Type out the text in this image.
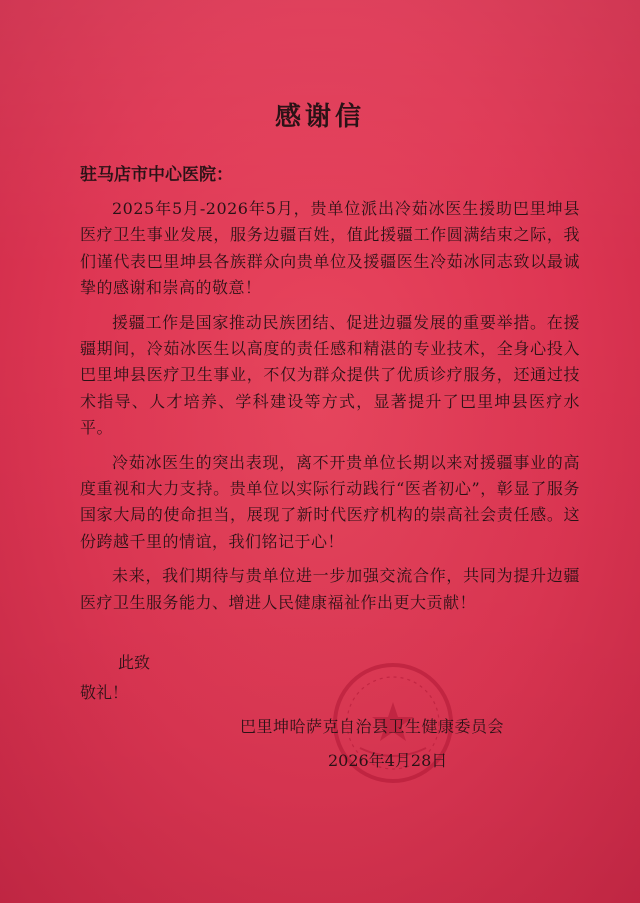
感谢信
驻马店市中心医院：

2025年5月-2026年5月，贵单位派出冷茹冰医生援助巴里坤县医疗卫生事业发展，服务边疆百姓，值此援疆工作圆满结束之际，我们谨代表巴里坤县各族群众向贵单位及援疆医生冷茹冰同志致以最诚挚的感谢和崇高的敬意！

援疆工作是国家推动民族团结、促进边疆发展的重要举措。在援疆期间，冷茹冰医生以高度的责任感和精湛的专业技术，全身心投入巴里坤县医疗卫生事业，不仅为群众提供了优质诊疗服务，还通过技术指导、人才培养、学科建设等方式，显著提升了巴里坤县医疗水平。

冷茹冰医生的突出表现，离不开贵单位长期以来对援疆事业的高度重视和大力支持。贵单位以实际行动践行“医者初心”，彰显了服务国家大局的使命担当，展现了新时代医疗机构的崇高社会责任感。这份跨越千里的情谊，我们铭记于心！

未来，我们期待与贵单位进一步加强交流合作，共同为提升边疆医疗卫生服务能力、增进人民健康福祉作出更大贡献！

此致
敬礼！
巴里坤哈萨克自治县卫生健康委员会
2026年4月28日
